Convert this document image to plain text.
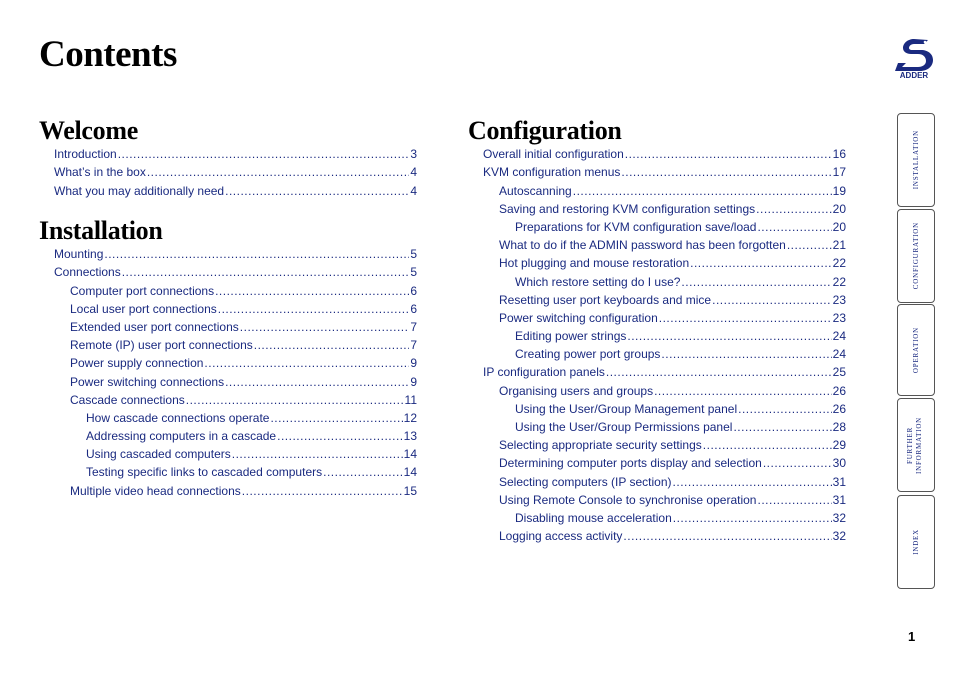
Contents
ADDER
Welcome
Introduction .....	3
What’s in the box .....	4
What you may additionally need .....	4
Installation
Mounting .....	5
Connections .....	5
Computer port connections .....	6
Local user port connections .....	6
Extended user port connections .....	7
Remote (IP) user port connections .....	7
Power supply connection .....	9
Power switching connections .....	9
Cascade connections .....	11
How cascade connections operate .....	12
Addressing computers in a cascade .....	13
Using cascaded computers .....	14
Testing specific links to cascaded computers .....	14
Multiple video head connections .....	15
Configuration
Overall initial configuration .....	16
KVM configuration menus .....	17
Autoscanning .....	19
Saving and restoring KVM configuration settings .....	20
Preparations for KVM configuration save/load .....	20
What to do if the ADMIN password has been forgotten .....	21
Hot plugging and mouse restoration .....	22
Which restore setting do I use? .....	22
Resetting user port keyboards and mice .....	23
Power switching configuration .....	23
Editing power strings .....	24
Creating power port groups .....	24
IP configuration panels .....	25
Organising users and groups .....	26
Using the User/Group Management panel .....	26
Using the User/Group Permissions panel .....	28
Selecting appropriate security settings .....	29
Determining computer ports display and selection .....	30
Selecting computers (IP section) .....	31
Using Remote Console to synchronise operation .....	31
Disabling mouse acceleration .....	32
Logging access activity .....	32
INSTALLATION
CONFIGURATION
OPERATION
FURTHER INFORMATION
INDEX
1
